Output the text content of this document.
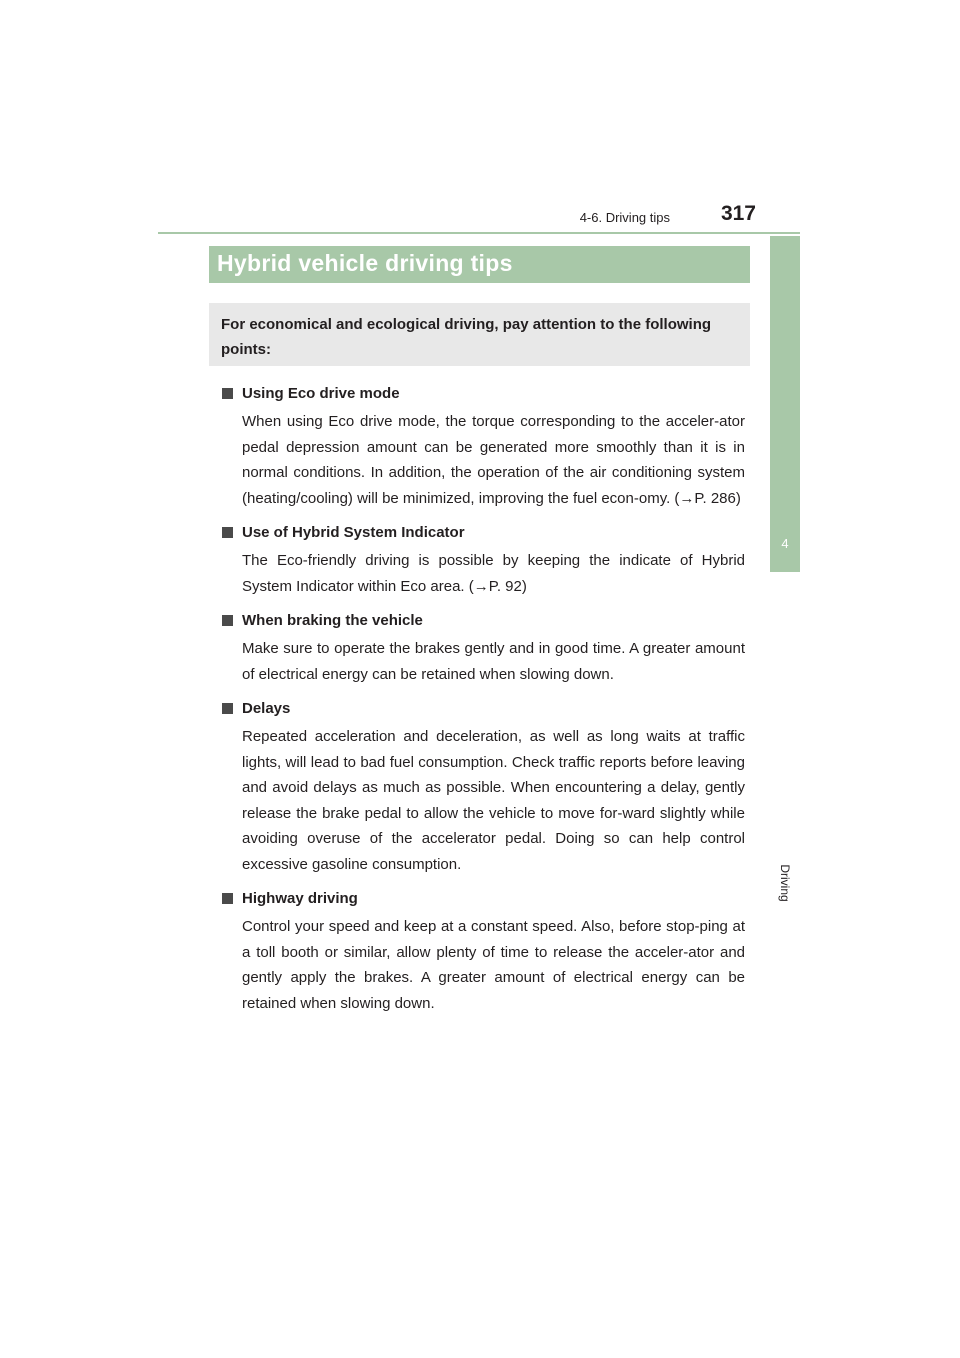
4-6. Driving tips 317
4
Driving
Hybrid vehicle driving tips
For economical and ecological driving, pay attention to the following points:
Using Eco drive mode
When using Eco drive mode, the torque corresponding to the acceler-ator pedal depression amount can be generated more smoothly than it is in normal conditions. In addition, the operation of the air conditioning system (heating/cooling) will be minimized, improving the fuel econ-omy. (→P. 286)
Use of Hybrid System Indicator
The Eco-friendly driving is possible by keeping the indicate of Hybrid System Indicator within Eco area. (→P. 92)
When braking the vehicle
Make sure to operate the brakes gently and in good time. A greater amount of electrical energy can be retained when slowing down.
Delays
Repeated acceleration and deceleration, as well as long waits at traffic lights, will lead to bad fuel consumption. Check traffic reports before leaving and avoid delays as much as possible. When encountering a delay, gently release the brake pedal to allow the vehicle to move for-ward slightly while avoiding overuse of the accelerator pedal. Doing so can help control excessive gasoline consumption.
Highway driving
Control your speed and keep at a constant speed. Also, before stop-ping at a toll booth or similar, allow plenty of time to release the acceler-ator and gently apply the brakes. A greater amount of electrical energy can be retained when slowing down.
